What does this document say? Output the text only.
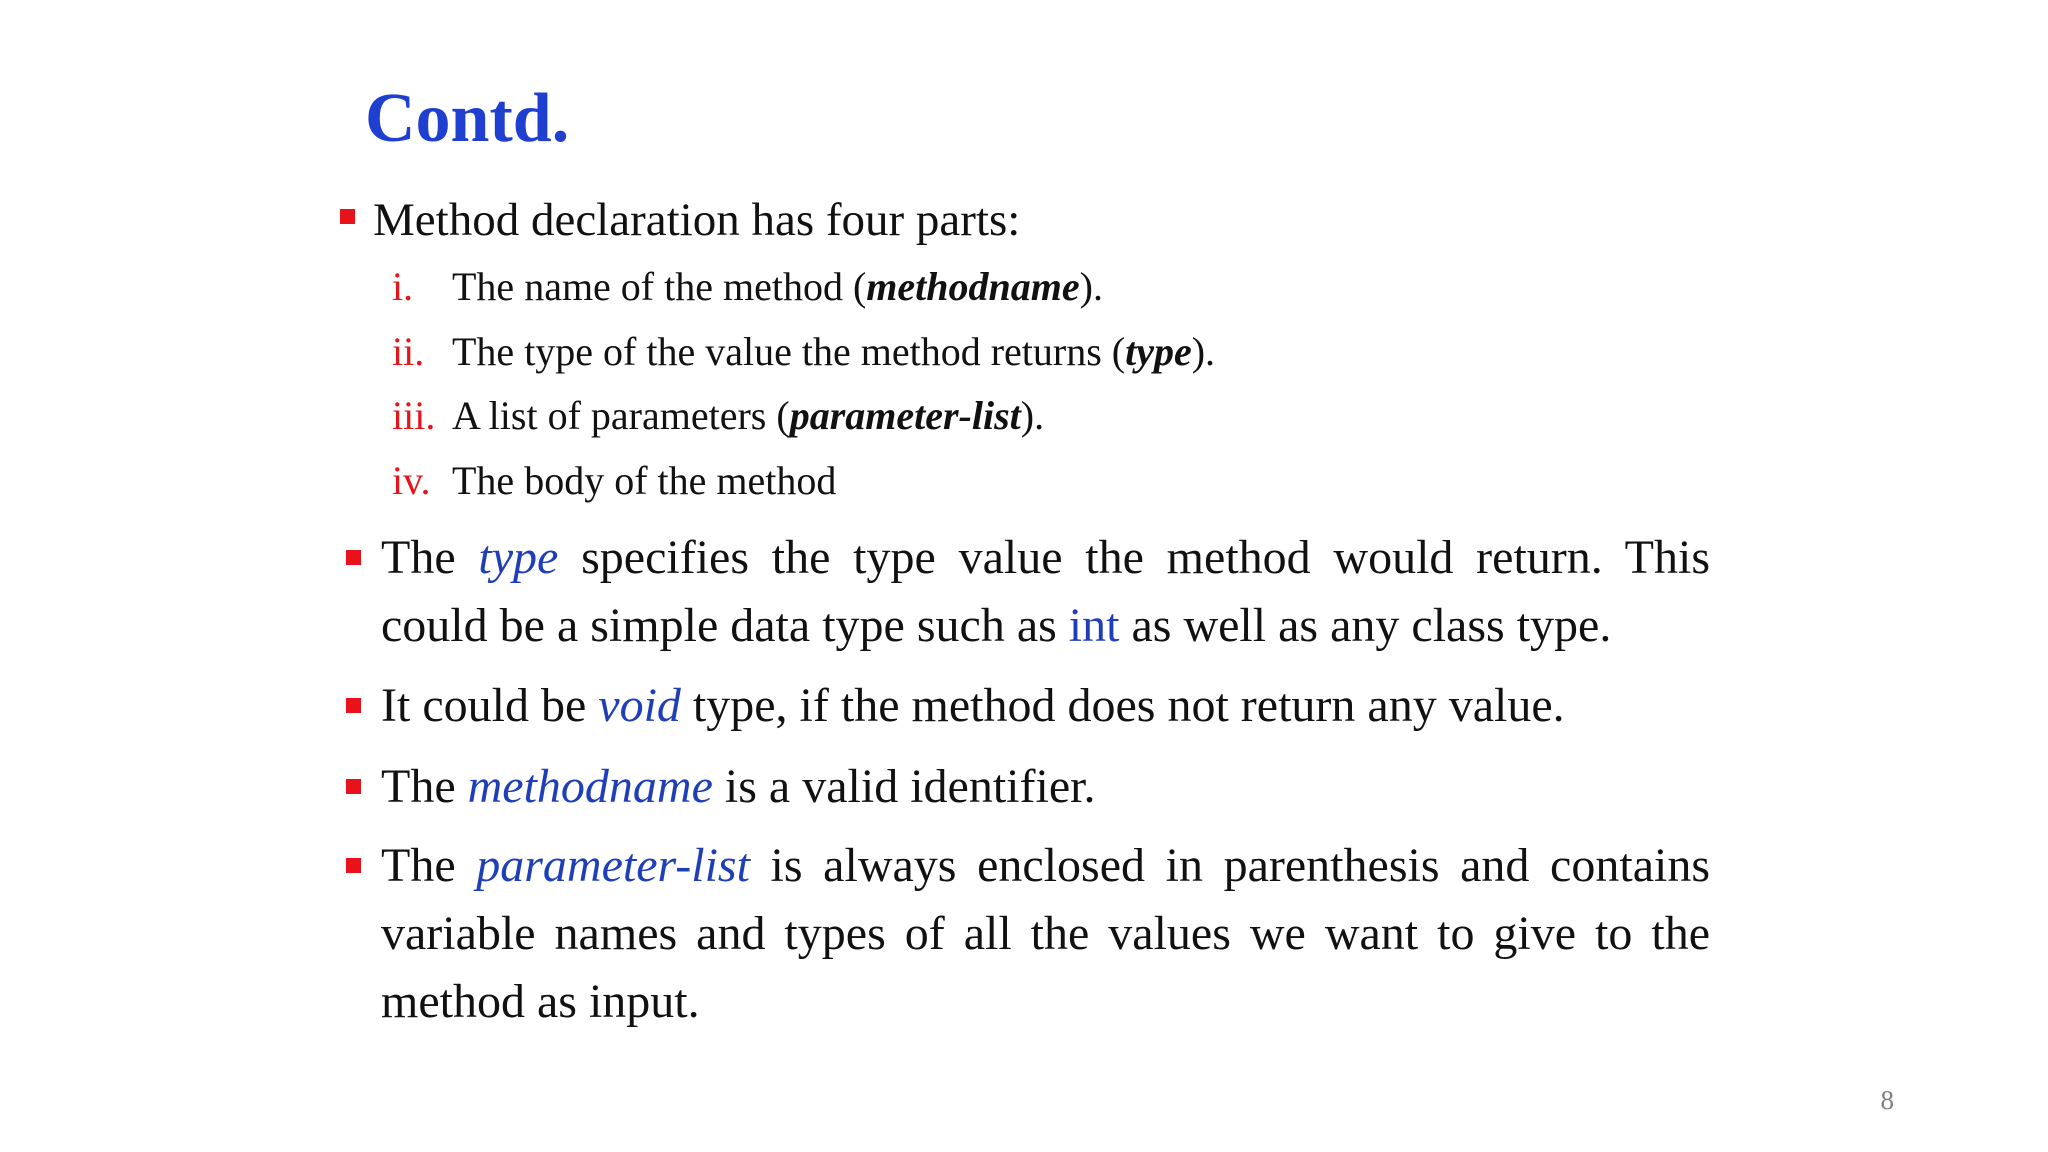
Contd.
Method declaration has four parts:
i. The name of the method (methodname).
ii. The type of the value the method returns (type).
iii. A list of parameters (parameter-list).
iv. The body of the method
The type specifies the type value the method would return. This could be a simple data type such as int as well as any class type.
It could be void type, if the method does not return any value.
The methodname is a valid identifier.
The parameter-list is always enclosed in parenthesis and contains variable names and types of all the values we want to give to the method as input.
8
